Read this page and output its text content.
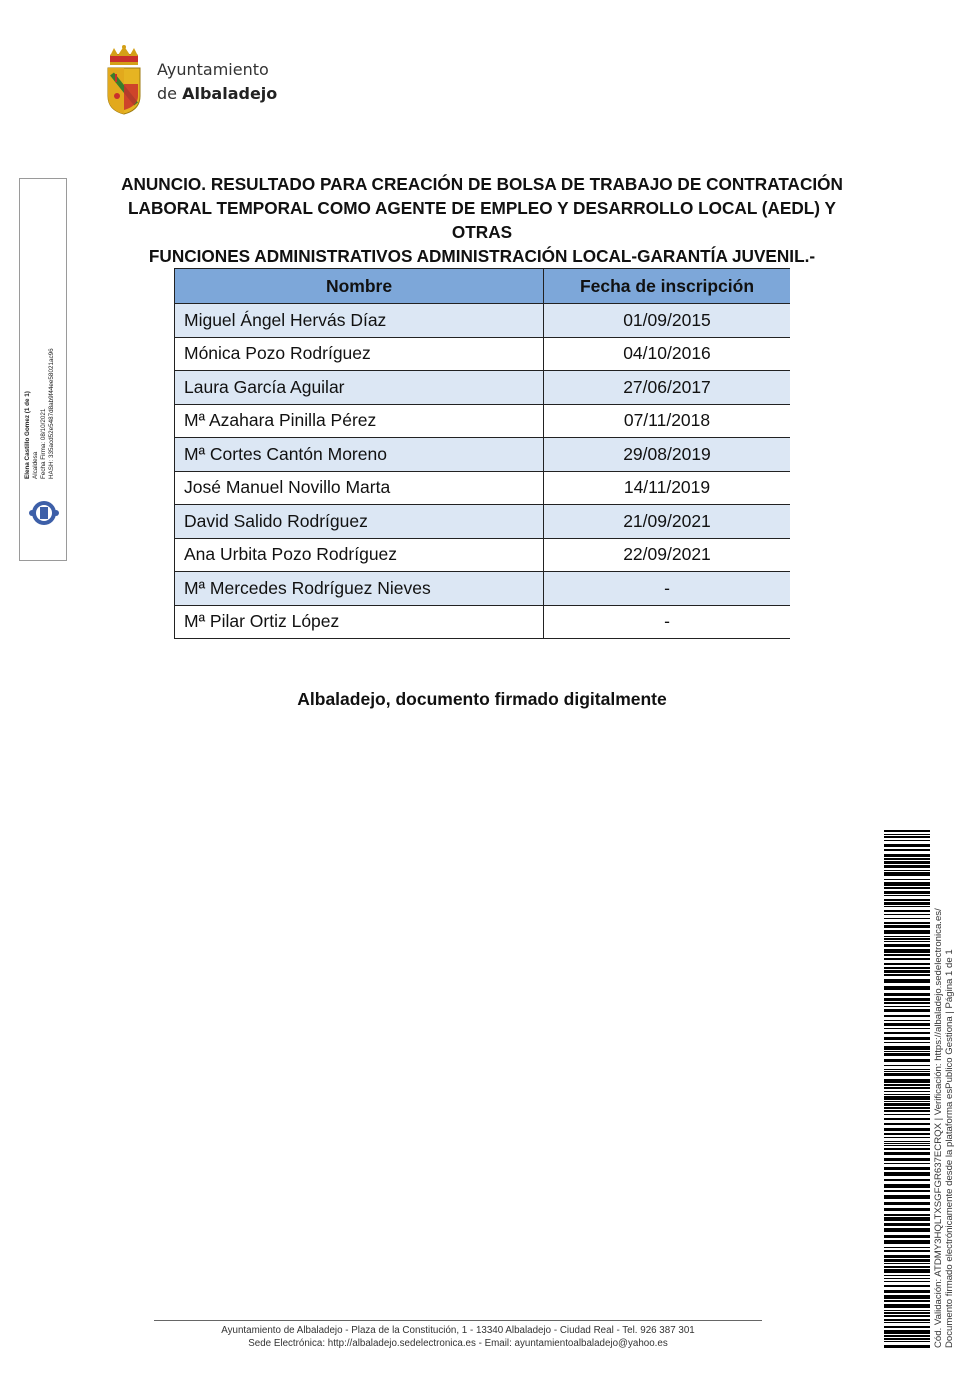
Ayuntamiento
de Albaladejo
Elena Castillo Gomez (1 de 1) Alcaldesa Fecha Firma: 08/10/2021 HASH: 335acd52e5487d8ab9f44ee58021ac96
ANUNCIO. RESULTADO PARA CREACIÓN DE BOLSA DE TRABAJO DE CONTRATACIÓN
LABORAL TEMPORAL COMO AGENTE DE EMPLEO Y DESARROLLO LOCAL (AEDL) Y OTRAS
FUNCIONES ADMINISTRATIVOS ADMINISTRACIÓN LOCAL-GARANTÍA JUVENIL.-
Nombre	Fecha de inscripción
Miguel Ángel Hervás Díaz	01/09/2015
Mónica Pozo Rodríguez	04/10/2016
Laura García Aguilar	27/06/2017
Mª Azahara Pinilla Pérez	07/11/2018
Mª Cortes Cantón Moreno	29/08/2019
José Manuel Novillo Marta	14/11/2019
David Salido Rodríguez	21/09/2021
Ana Urbita Pozo Rodríguez	22/09/2021
Mª Mercedes Rodríguez Nieves	-
Mª Pilar Ortiz López	-
Albaladejo, documento firmado digitalmente
Cód. Validación: ATDMY3HQLTXSGFGR637ECRQX | Verificación: https://albaladejo.sedelectronica.es/ Documento firmado electrónicamente desde la plataforma esPublico Gestiona | Página 1 de 1
Ayuntamiento de Albaladejo - Plaza de la Constitución, 1 - 13340 Albaladejo - Ciudad Real - Tel. 926 387 301
Sede Electrónica: http://albaladejo.sedelectronica.es - Email: ayuntamientoalbaladejo@yahoo.es
